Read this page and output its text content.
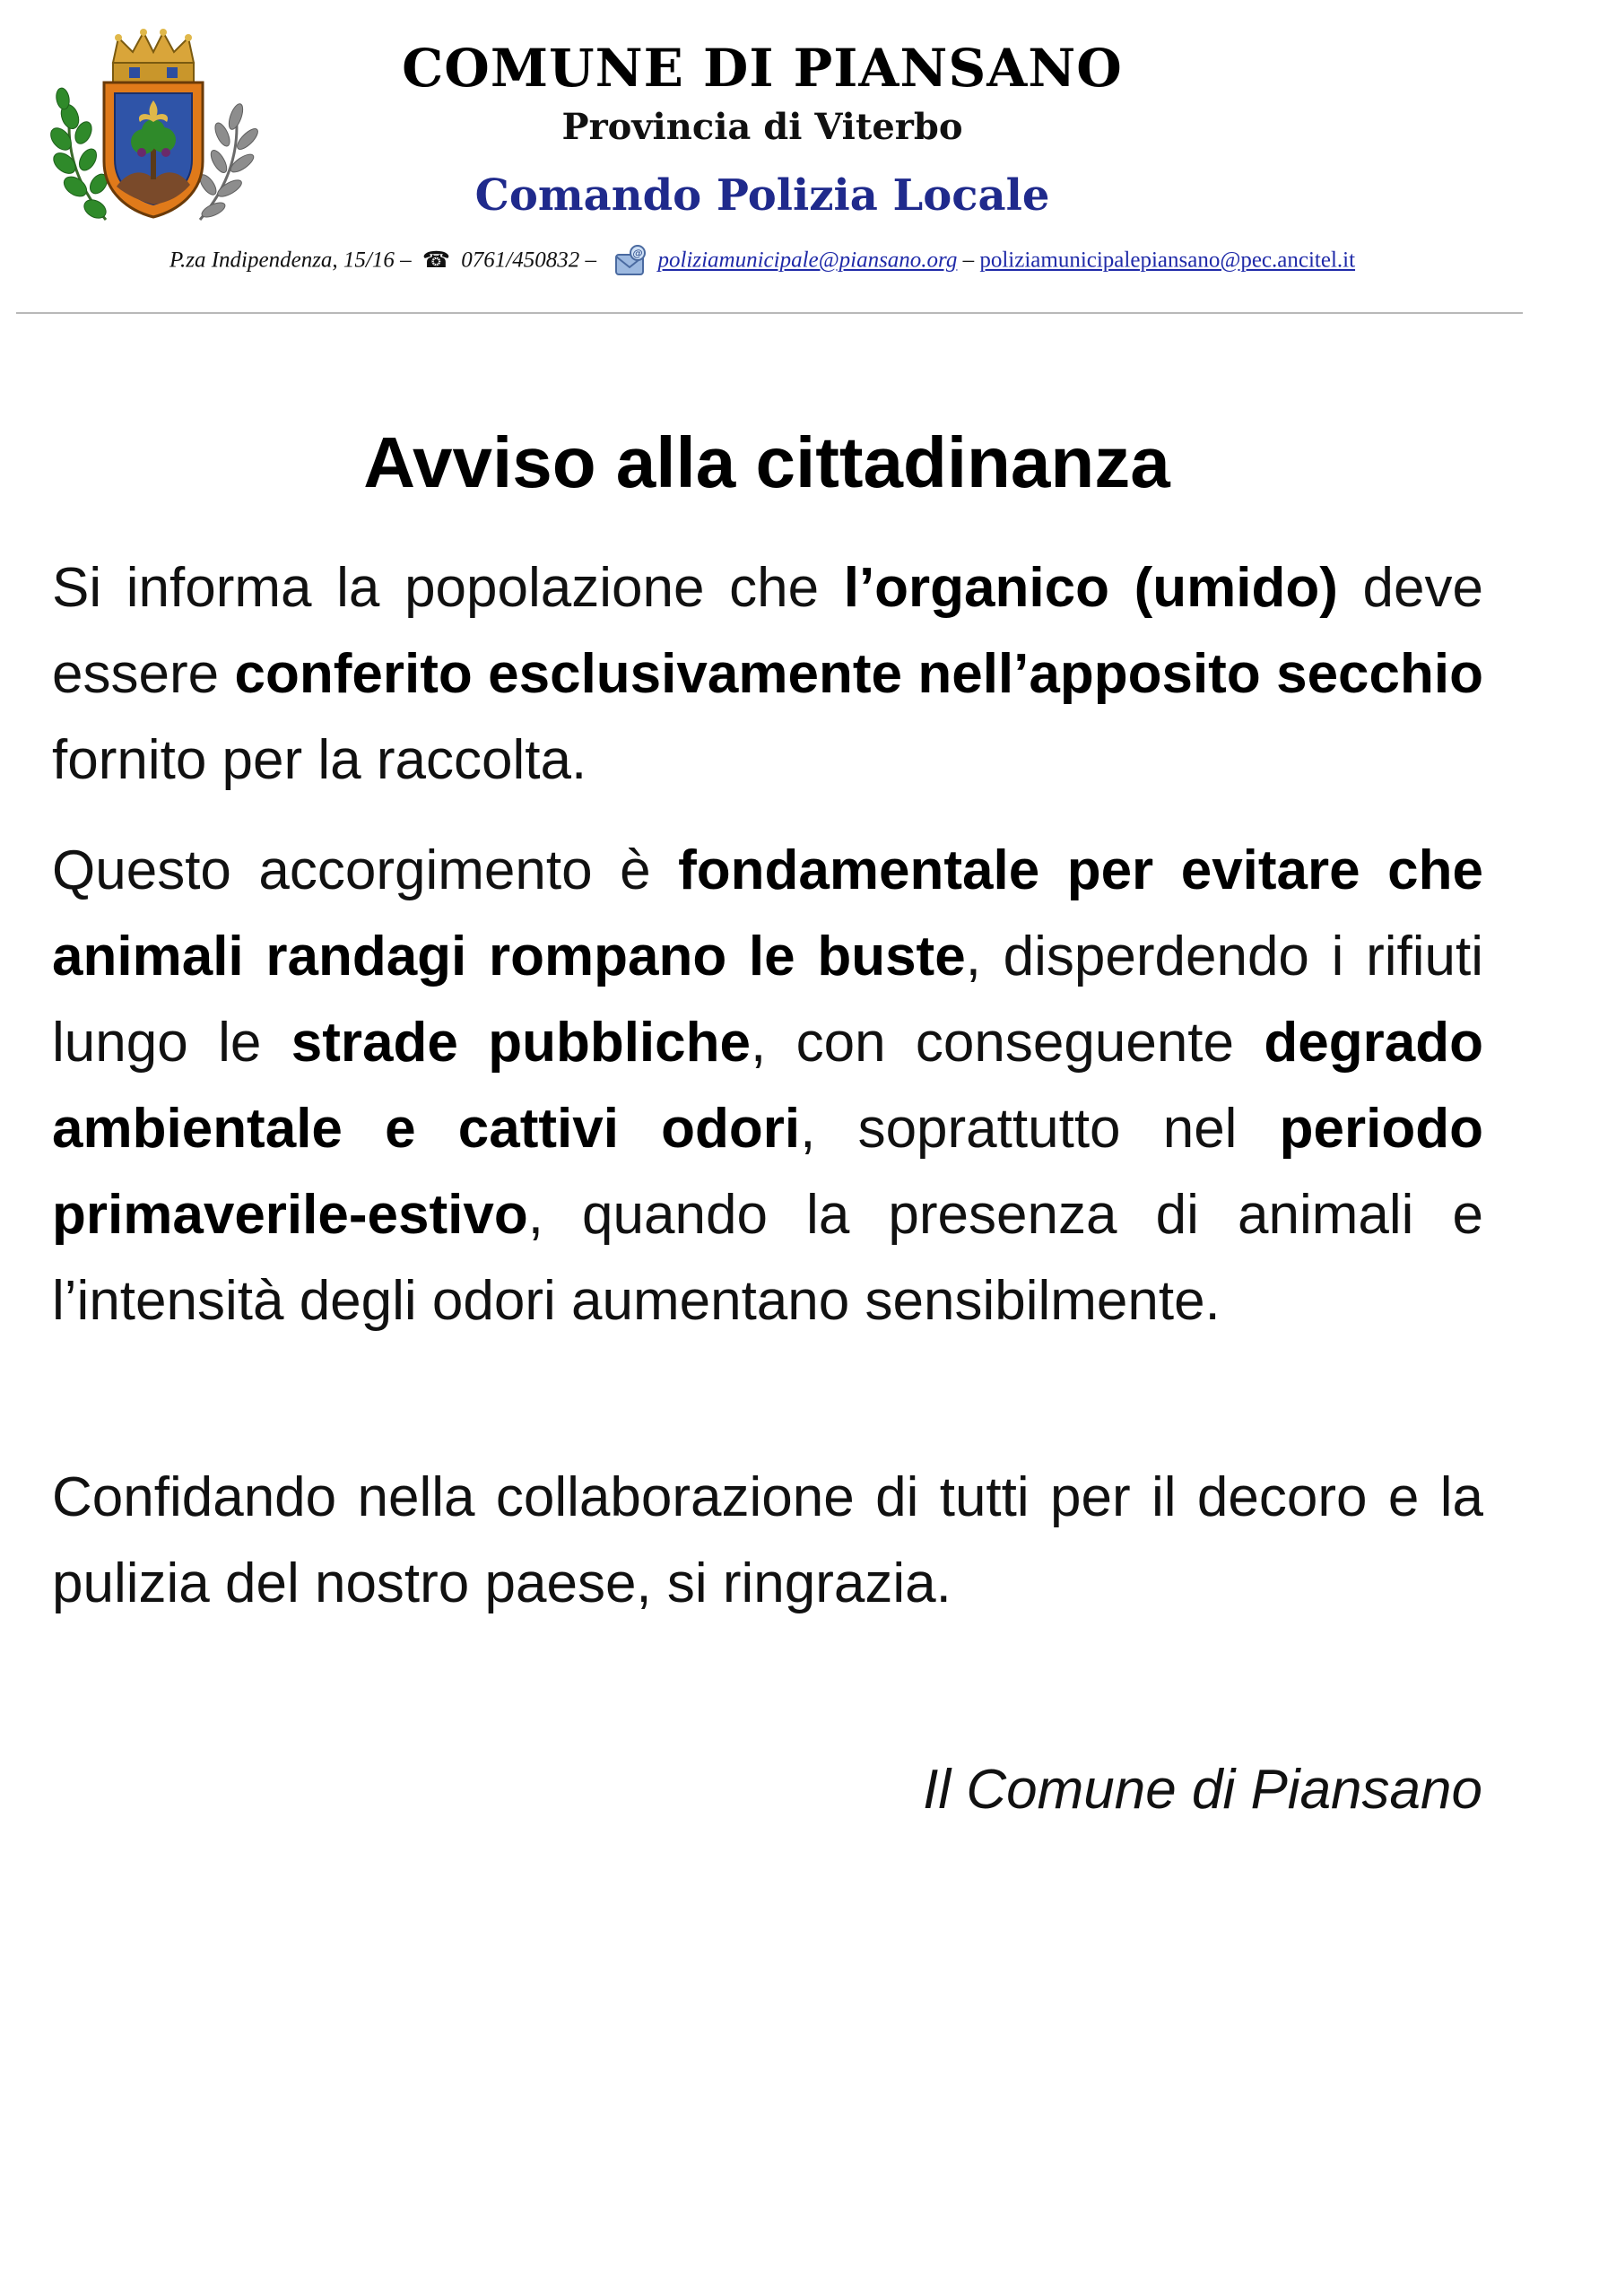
COMUNE DI PIANSANO
Provincia di Viterbo
Comando Polizia Locale
P.za Indipendenza, 15/16 – ☎ 0761/450832 –	@ poliziamunicipale@piansano.org – poliziamunicipalepiansano@pec.ancitel.it
Avviso alla cittadinanza
Si informa la popolazione che l’organico (umido) deve essere conferito esclusivamente nell’apposito secchio fornito per la raccolta.
Questo accorgimento è fondamentale per evitare che animali randagi rompano le buste, disperdendo i rifiuti lungo le strade pubbliche, con conseguente degrado ambientale e cattivi odori, soprattutto nel periodo primaverile-estivo, quando la presenza di animali e l’intensità degli odori aumentano sensibilmente.
Confidando nella collaborazione di tutti per il decoro e la pulizia del nostro paese, si ringrazia.
Il Comune di Piansano
